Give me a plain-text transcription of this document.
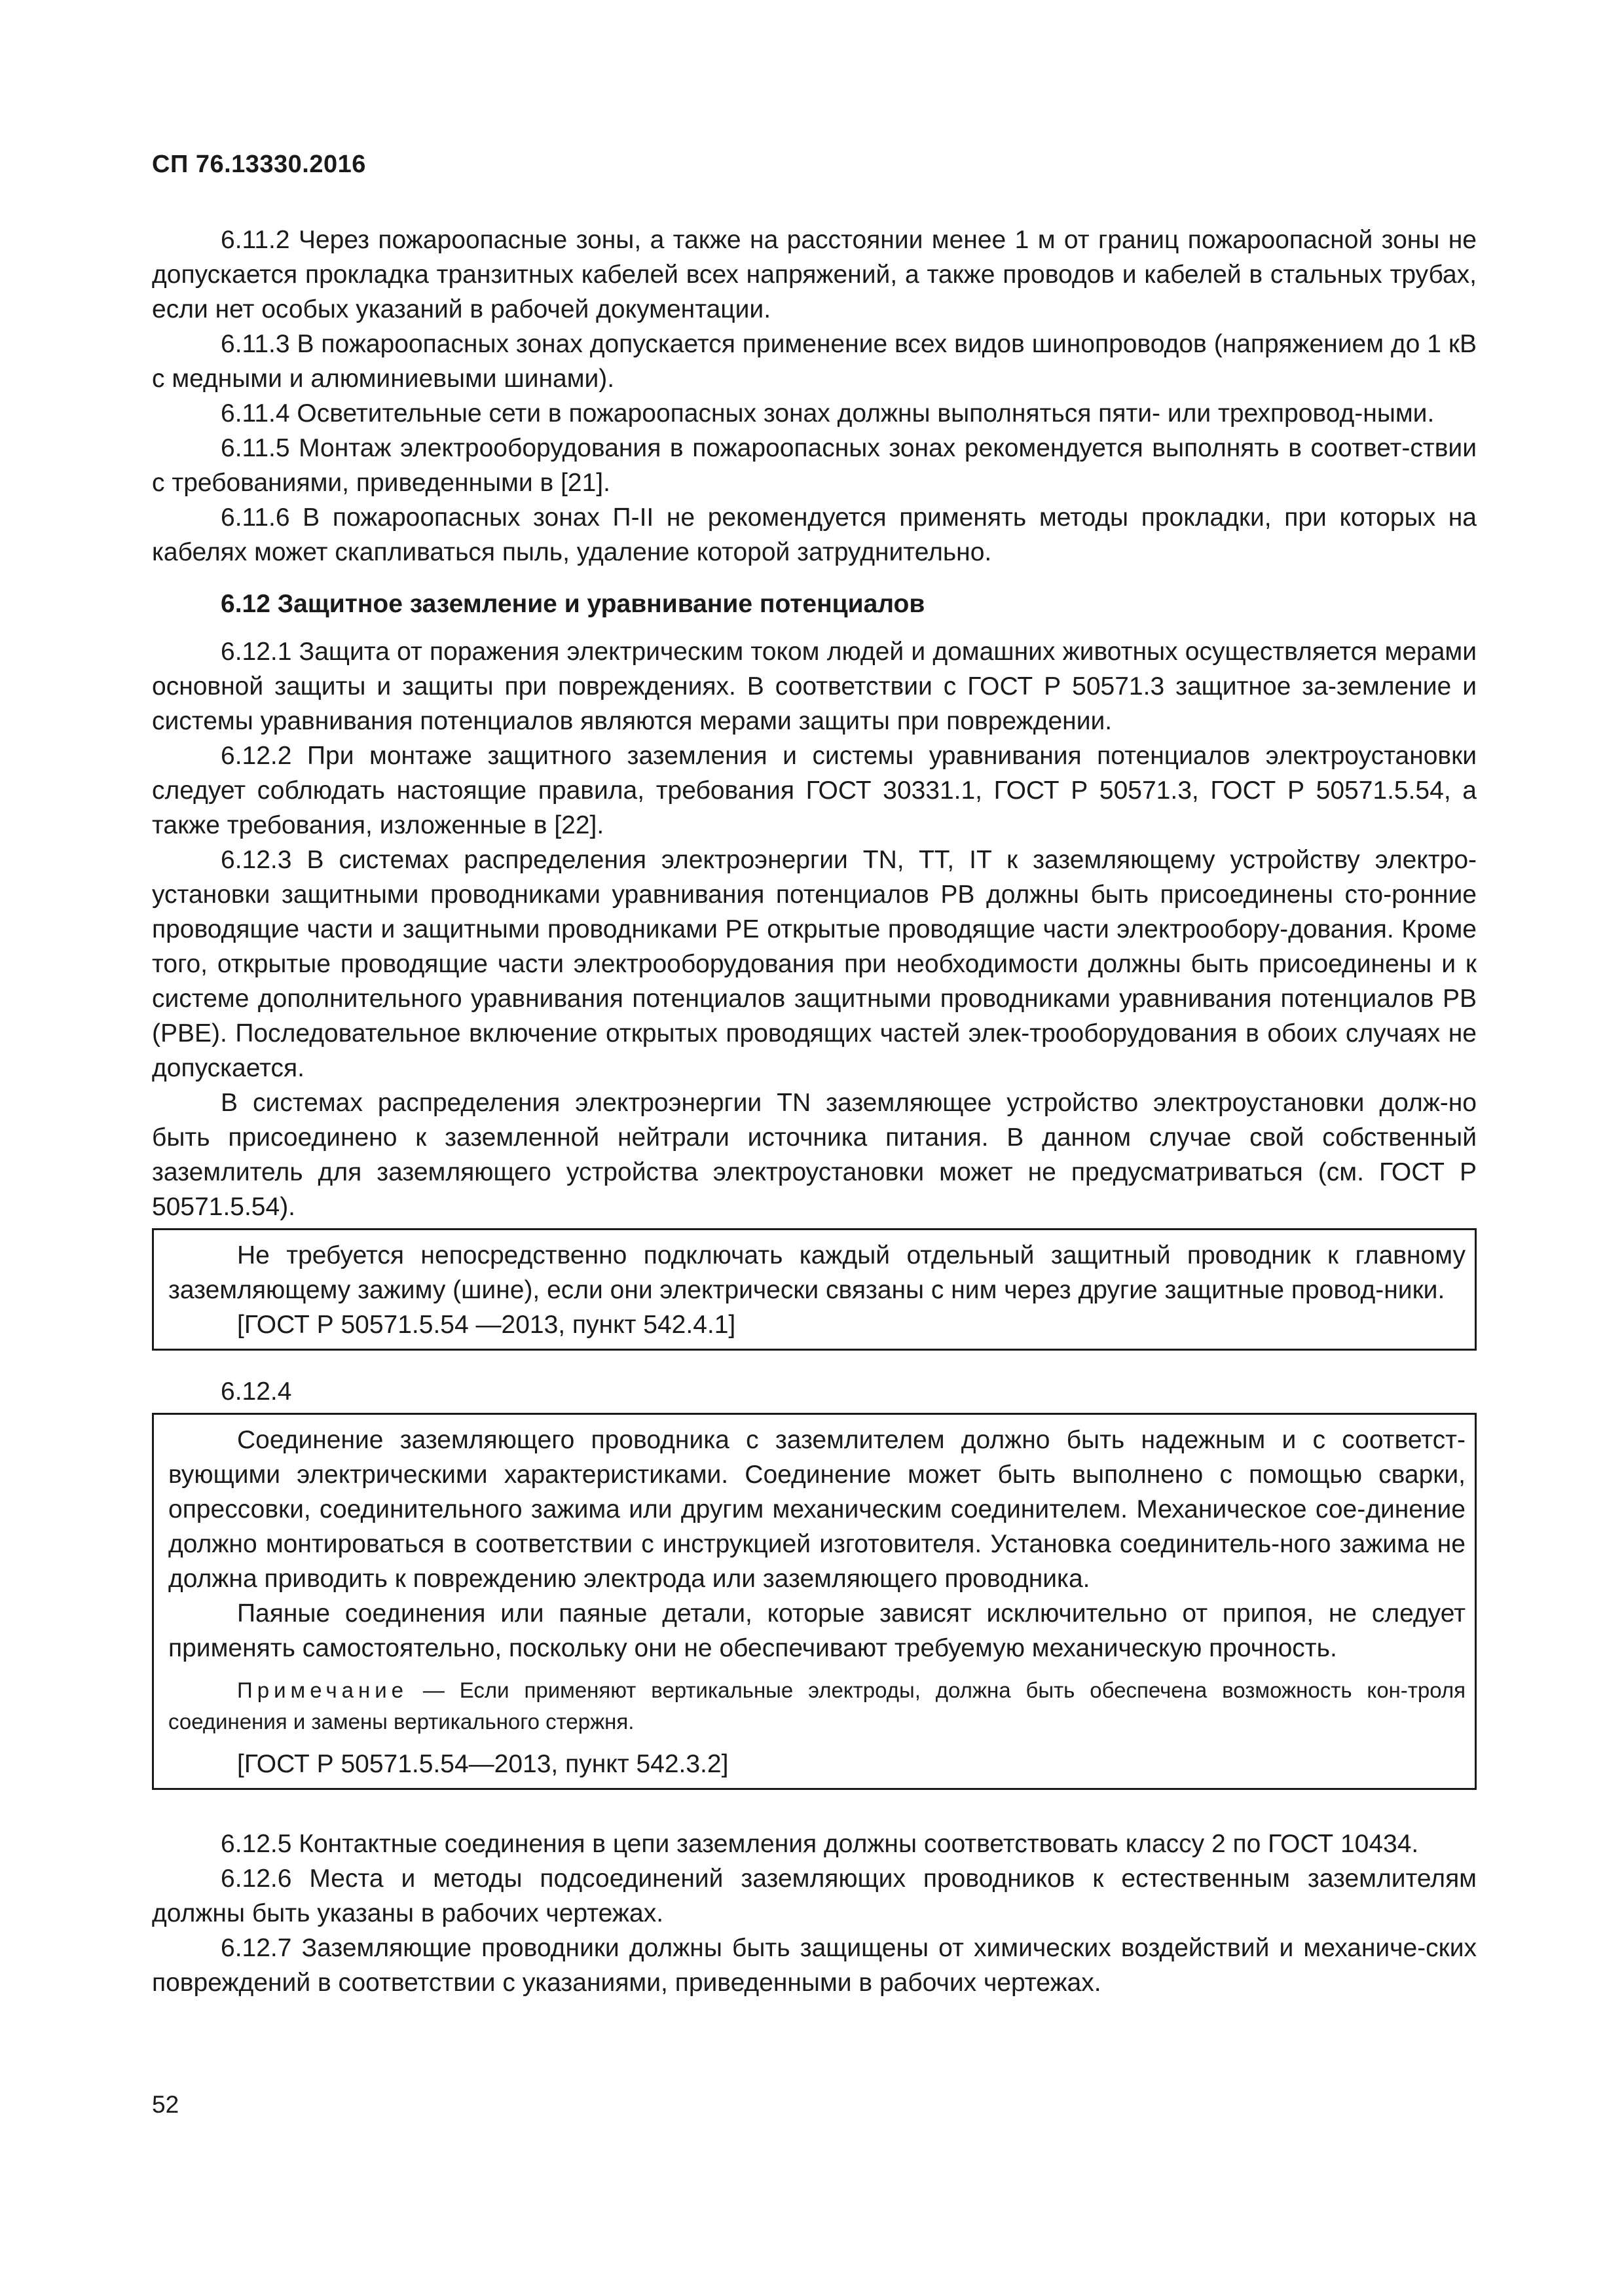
СП 76.13330.2016

6.11.2 Через пожароопасные зоны, а также на расстоянии менее 1 м от границ пожароопасной зоны не допускается прокладка транзитных кабелей всех напряжений, а также проводов и кабелей в стальных трубах, если нет особых указаний в рабочей документации.

6.11.3 В пожароопасных зонах допускается применение всех видов шинопроводов (напряжением до 1 кВ с медными и алюминиевыми шинами).

6.11.4 Осветительные сети в пожароопасных зонах должны выполняться пяти- или трехпровод-ными.

6.11.5 Монтаж электрооборудования в пожароопасных зонах рекомендуется выполнять в соответ-ствии с требованиями, приведенными в [21].

6.11.6 В пожароопасных зонах П-II не рекомендуется применять методы прокладки, при которых на кабелях может скапливаться пыль, удаление которой затруднительно.

6.12 Защитное заземление и уравнивание потенциалов

6.12.1 Защита от поражения электрическим током людей и домашних животных осуществляется мерами основной защиты и защиты при повреждениях. В соответствии с ГОСТ Р 50571.3 защитное за-земление и системы уравнивания потенциалов являются мерами защиты при повреждении.

6.12.2 При монтаже защитного заземления и системы уравнивания потенциалов электроустановки следует соблюдать настоящие правила, требования ГОСТ 30331.1, ГОСТ Р 50571.3, ГОСТ Р 50571.5.54, а также требования, изложенные в [22].

6.12.3 В системах распределения электроэнергии TN, TT, IT к заземляющему устройству электро-установки защитными проводниками уравнивания потенциалов PB должны быть присоединены сто-ронние проводящие части и защитными проводниками PE открытые проводящие части электрообору-дования. Кроме того, открытые проводящие части электрооборудования при необходимости должны быть присоединены и к системе дополнительного уравнивания потенциалов защитными проводниками уравнивания потенциалов PB (PBE). Последовательное включение открытых проводящих частей элек-трооборудования в обоих случаях не допускается.

В системах распределения электроэнергии TN заземляющее устройство электроустановки долж-но быть присоединено к заземленной нейтрали источника питания. В данном случае свой собственный заземлитель для заземляющего устройства электроустановки может не предусматриваться (см. ГОСТ Р 50571.5.54).

Не требуется непосредственно подключать каждый отдельный защитный проводник к главному заземляющему зажиму (шине), если они электрически связаны с ним через другие защитные провод-ники.

[ГОСТ Р 50571.5.54 —2013, пункт 542.4.1]

6.12.4

Соединение заземляющего проводника с заземлителем должно быть надежным и с соответст-вующими электрическими характеристиками. Соединение может быть выполнено с помощью сварки, опрессовки, соединительного зажима или другим механическим соединителем. Механическое сое-динение должно монтироваться в соответствии с инструкцией изготовителя. Установка соединитель-ного зажима не должна приводить к повреждению электрода или заземляющего проводника.

Паяные соединения или паяные детали, которые зависят исключительно от припоя, не следует применять самостоятельно, поскольку они не обеспечивают требуемую механическую прочность.

Примечание — Если применяют вертикальные электроды, должна быть обеспечена возможность кон-троля соединения и замены вертикального стержня.

[ГОСТ Р 50571.5.54—2013, пункт 542.3.2]

6.12.5 Контактные соединения в цепи заземления должны соответствовать классу 2 по ГОСТ 10434.

6.12.6 Места и методы подсоединений заземляющих проводников к естественным заземлителям должны быть указаны в рабочих чертежах.

6.12.7 Заземляющие проводники должны быть защищены от химических воздействий и механиче-ских повреждений в соответствии с указаниями, приведенными в рабочих чертежах.

52
